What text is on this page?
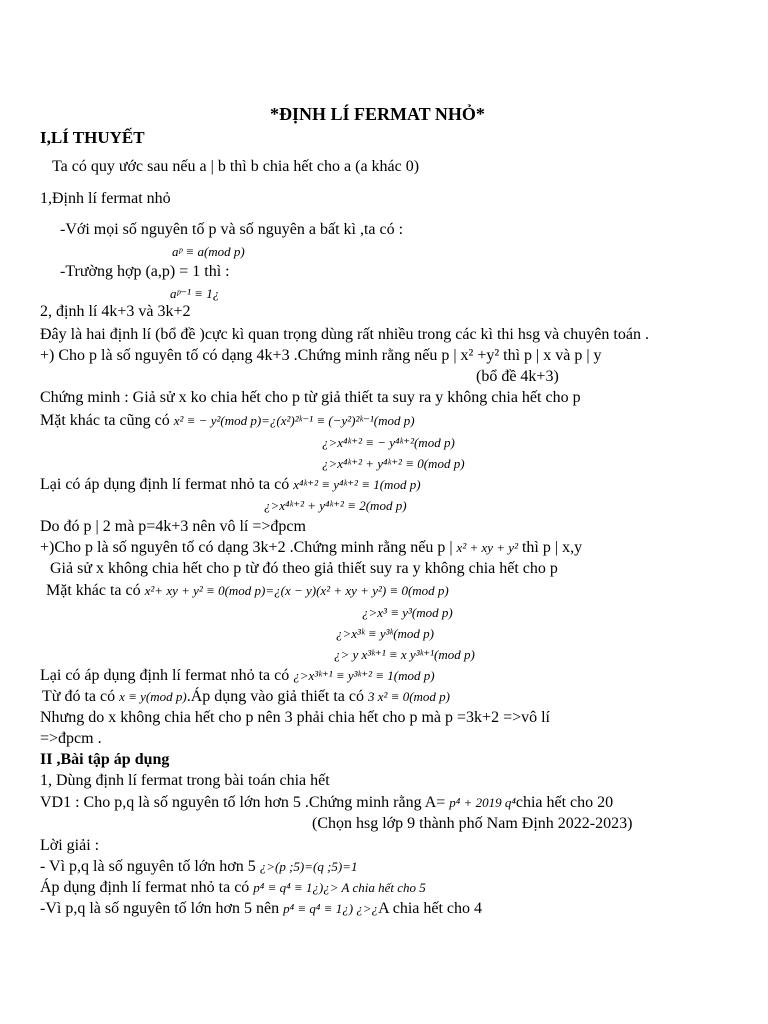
*ĐỊNH LÍ FERMAT NHỎ*
I,LÍ THUYẾT
Ta có quy ước sau nếu a | b thì b chia hết cho a (a khác 0)
1,Định lí fermat nhỏ
-Với mọi số nguyên tố p và số nguyên a bất kì ,ta có :
aᵖ ≡ a(mod p)
-Trường hợp (a,p) = 1 thì :
aᵖ⁻¹ ≡ 1¿
2, định lí 4k+3 và 3k+2
Đây là hai định lí (bổ đề )cực kì quan trọng dùng rất nhiều trong các kì thi hsg và chuyên toán .
+) Cho p là số nguyên tố có dạng 4k+3 .Chứng minh rằng nếu p | x² +y² thì p | x và p | y
(bổ đề 4k+3)
Chứng minh : Giả sử x ko chia hết cho p từ giả thiết ta suy ra y không chia hết cho p
Mặt khác ta cũng có x² ≡ − y²(mod p)=¿(x²)²ᵏ⁻¹ ≡ (−y²)²ᵏ⁻¹(mod p)
¿>x⁴ᵏ⁺² ≡ − y⁴ᵏ⁺²(mod p)
¿>x⁴ᵏ⁺² + y⁴ᵏ⁺² ≡ 0(mod p)
Lại có áp dụng định lí fermat nhỏ ta có x⁴ᵏ⁺² ≡ y⁴ᵏ⁺² ≡ 1(mod p)
¿>x⁴ᵏ⁺² + y⁴ᵏ⁺² ≡ 2(mod p)
Do đó p | 2 mà p=4k+3 nên vô lí =>đpcm
+)Cho p là số nguyên tố có dạng 3k+2 .Chứng minh rằng nếu p | x² + xy + y² thì p | x,y
Giả sử x không chia hết cho p từ đó theo giả thiết suy ra y không chia hết cho p
Mặt khác ta có x²+ xy + y² ≡ 0(mod p)=¿(x − y)(x² + xy + y²) ≡ 0(mod p)
¿>x³ ≡ y³(mod p)
¿>x³ᵏ ≡ y³ᵏ(mod p)
¿> y x³ᵏ⁺¹ ≡ x y³ᵏ⁺¹(mod p)
Lại có áp dụng định lí fermat nhỏ ta có ¿>x³ᵏ⁺¹ ≡ y³ᵏ⁺² ≡ 1(mod p)
Từ đó ta có x ≡ y(mod p).Áp dụng vào giả thiết ta có 3 x² ≡ 0(mod p)
Nhưng do x không chia hết cho p nên 3 phải chia hết cho p mà p =3k+2 =>vô lí
=>đpcm .
II ,Bài tập áp dụng
1, Dùng định lí fermat trong bài toán chia hết
VD1 : Cho p,q là số nguyên tố lớn hơn 5 .Chứng minh rằng A= p⁴ + 2019 q⁴chia hết cho 20
(Chọn hsg lớp 9 thành phố Nam Định 2022-2023)
Lời giải :
- Vì p,q là số nguyên tố lớn hơn 5 ¿>(p ;5)=(q ;5)=1
Áp dụng định lí fermat nhỏ ta có p⁴ ≡ q⁴ ≡ 1¿)¿> A chia hết cho 5
-Vì p,q là số nguyên tố lớn hơn 5 nên p⁴ ≡ q⁴ ≡ 1¿) ¿>¿A chia hết cho 4
